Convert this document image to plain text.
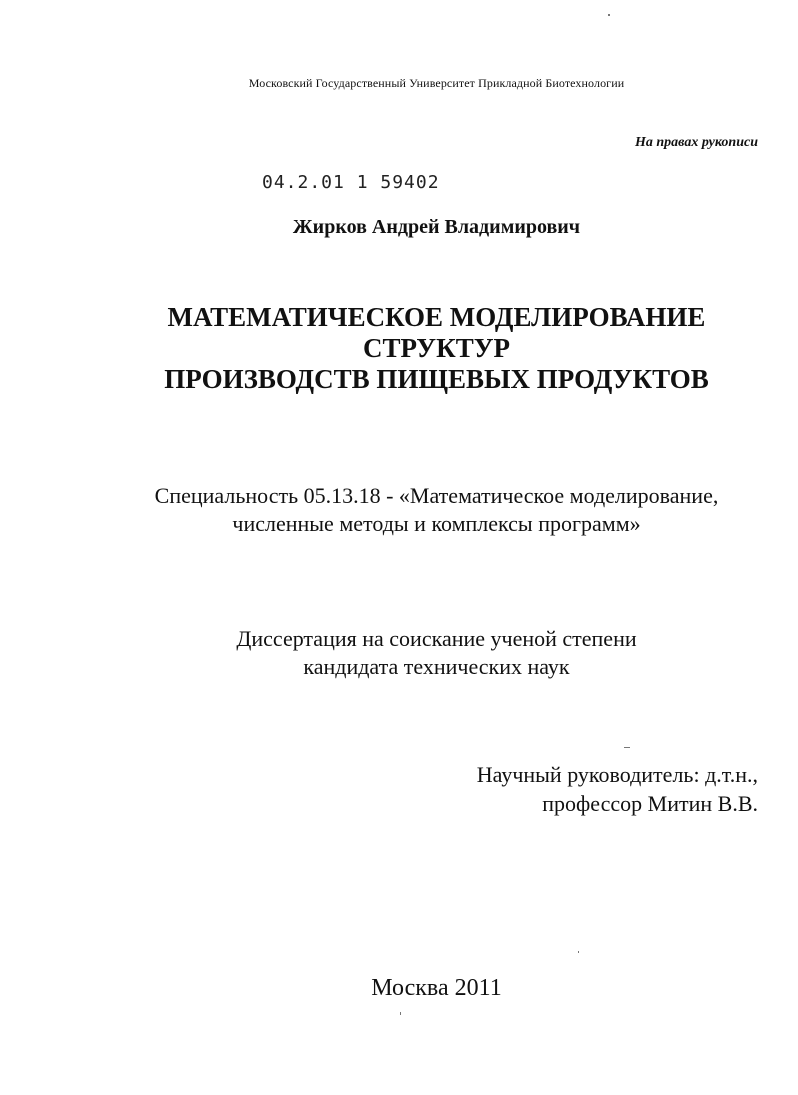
Московский Государственный Университет Прикладной Биотехнологии
На правах рукописи
04.2.01 1 59402
Жирков Андрей Владимирович
МАТЕМАТИЧЕСКОЕ МОДЕЛИРОВАНИЕ
СТРУКТУР
ПРОИЗВОДСТВ ПИЩЕВЫХ ПРОДУКТОВ
Специальность 05.13.18 - «Математическое моделирование,
численные методы и комплексы программ»
Диссертация на соискание ученой степени
кандидата технических наук
Научный руководитель: д.т.н.,
профессор Митин В.В.
Москва 2011
